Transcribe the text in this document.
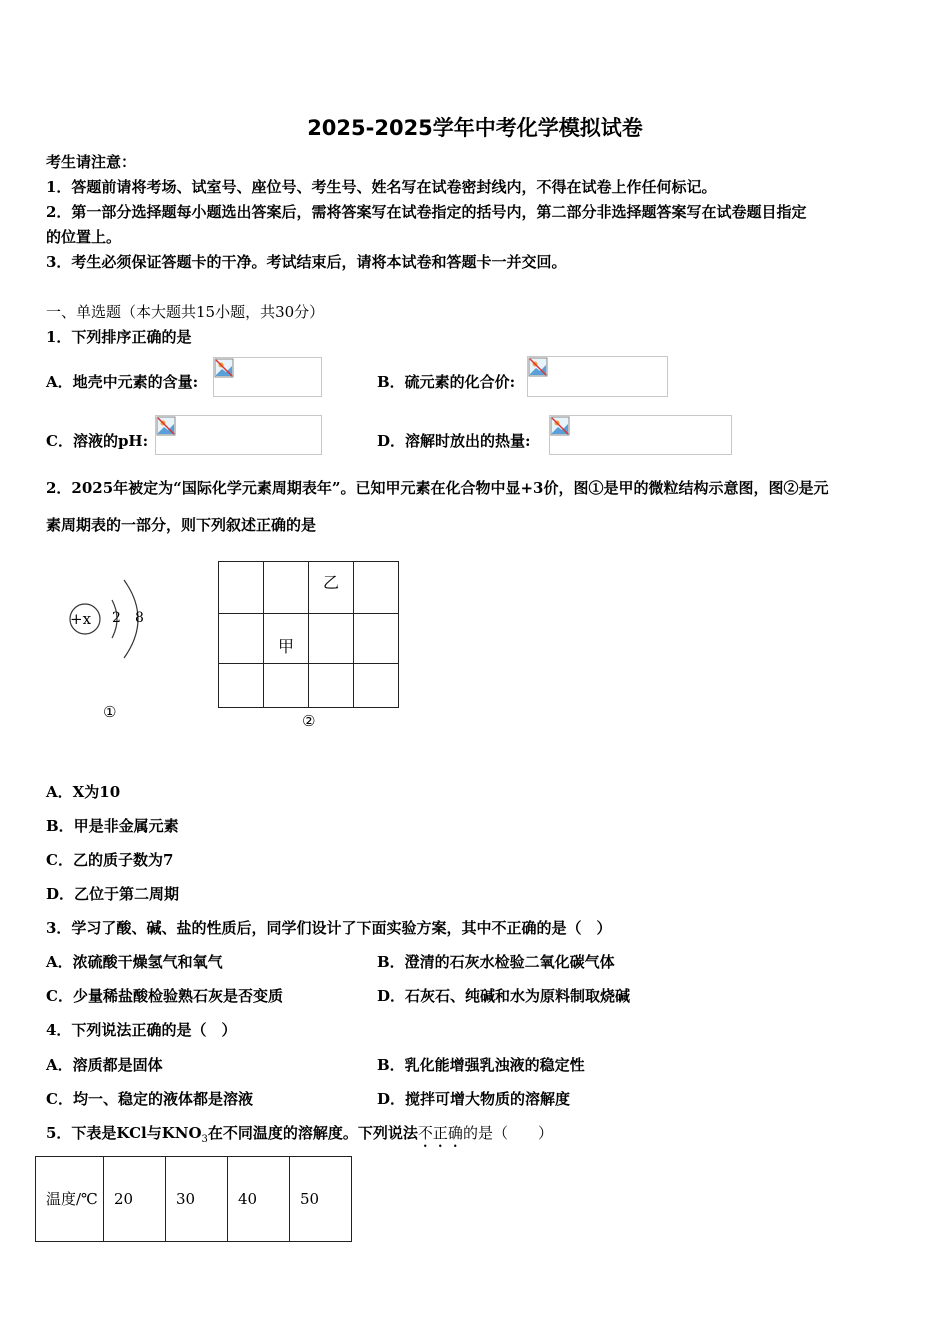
2025-2025学年中考化学模拟试卷
考生请注意：
1．答题前请将考场、试室号、座位号、考生号、姓名写在试卷密封线内，不得在试卷上作任何标记。
2．第一部分选择题每小题选出答案后，需将答案写在试卷指定的括号内，第二部分非选择题答案写在试卷题目指定
的位置上。
3．考生必须保证答题卡的干净。考试结束后，请将本试卷和答题卡一并交回。
一、单选题（本大题共15小题，共30分）
1．下列排序正确的是
A．地壳中元素的含量:	B．硫元素的化合价:
C．溶液的pH:	D．溶解时放出的热量:
2．2025年被定为“国际化学元素周期表年”。已知甲元素在化合物中显+3价，图①是甲的微粒结构示意图，图②是元
素周期表的一部分，则下列叙述正确的是
+x 2 8
①
		乙	
	甲		

②
A．X为10
B．甲是非金属元素
C．乙的质子数为7
D．乙位于第二周期
3．学习了酸、碱、盐的性质后，同学们设计了下面实验方案，其中不正确的是（　）
A．浓硫酸干燥氢气和氧气	B．澄清的石灰水检验二氧化碳气体
C．少量稀盐酸检验熟石灰是否变质	D．石灰石、纯碱和水为原料制取烧碱
4．下列说法正确的是（　）
A．溶质都是固体	B．乳化能增强乳浊液的稳定性
C．均一、稳定的液体都是溶液	D．搅拌可增大物质的溶解度
5．下表是KCl与$KNO_3$在不同温度的溶解度。下列说法不正确的是（　　）
温度/℃	20	30	40	50
